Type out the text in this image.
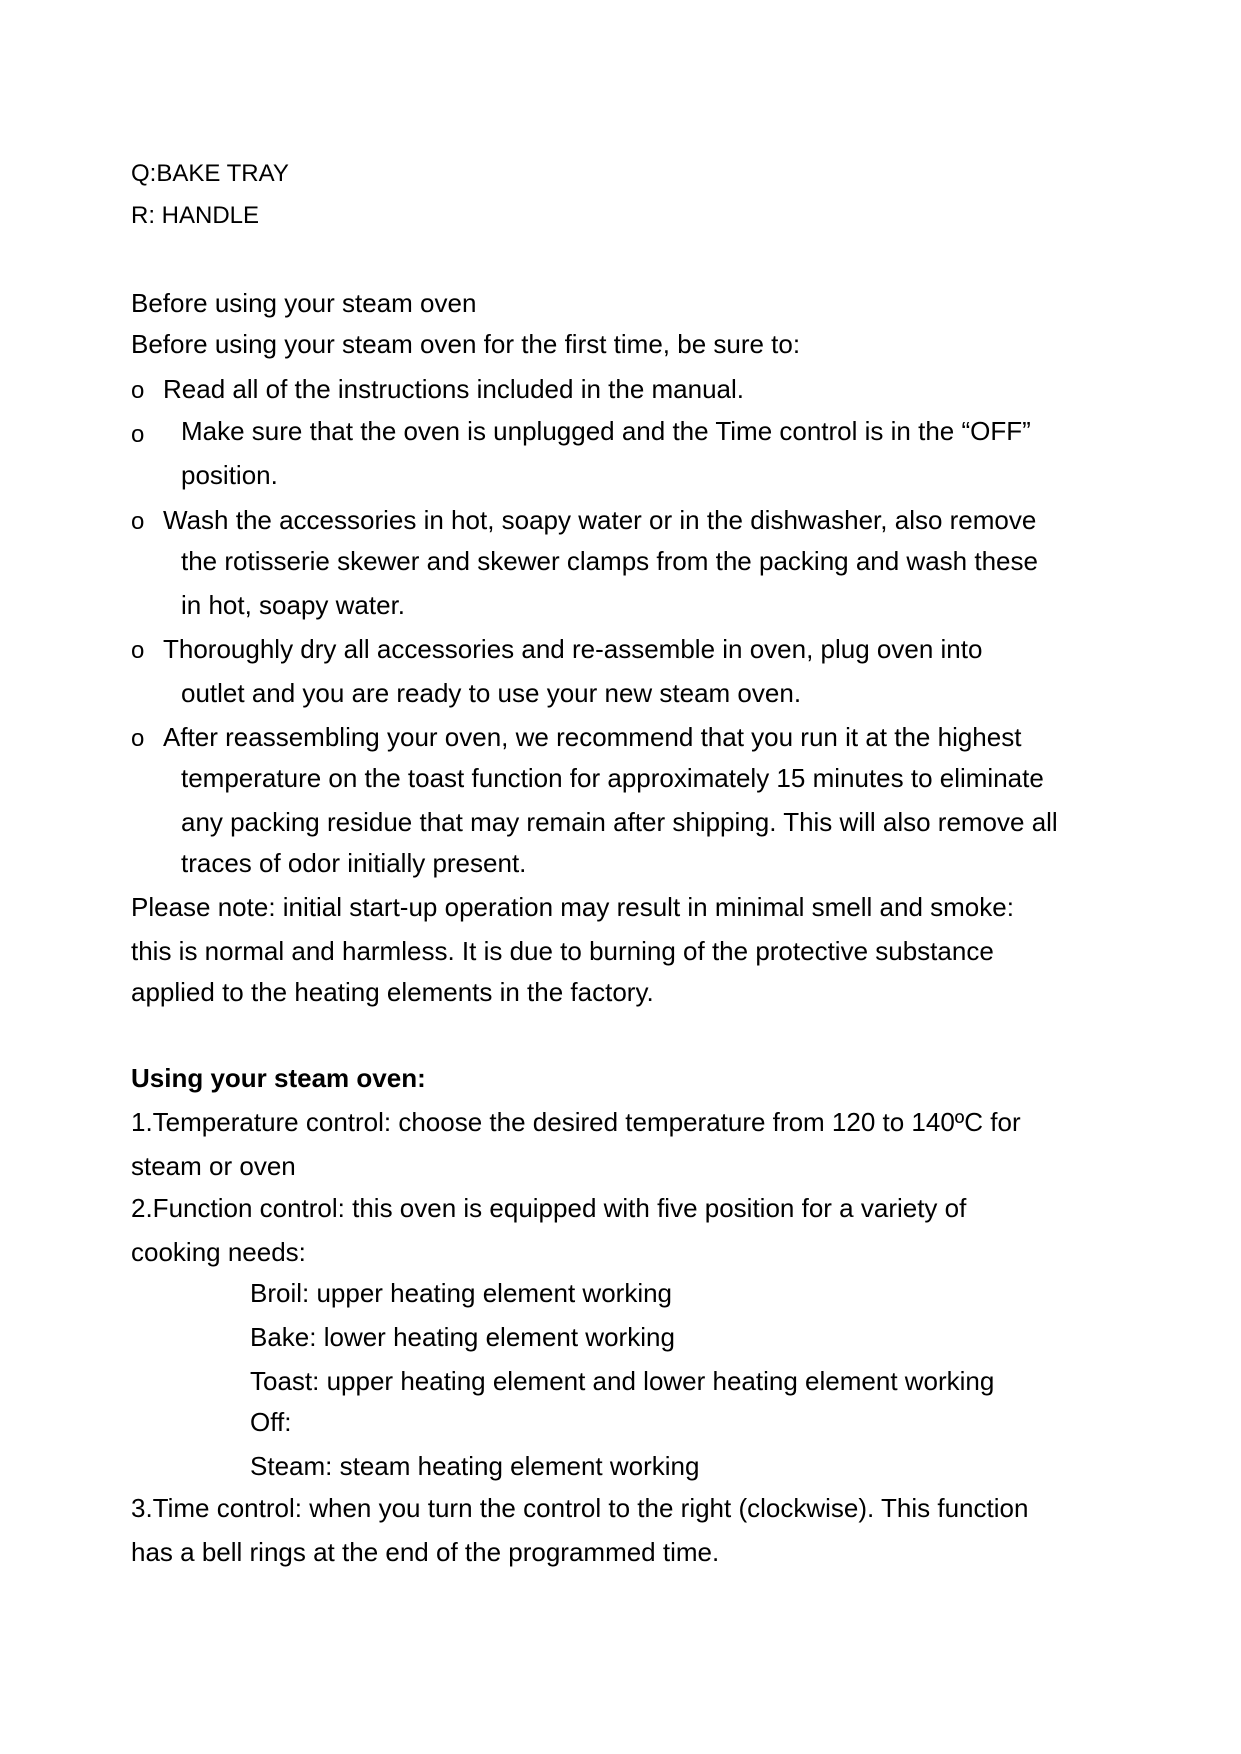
Q:BAKE TRAY
R: HANDLE
Before using your steam oven
Before using your steam oven for the first time, be sure to:
o Read all of the instructions included in the manual.
o Make sure that the oven is unplugged and the Time control is in the “OFF”
position.
o Wash the accessories in hot, soapy water or in the dishwasher, also remove
the rotisserie skewer and skewer clamps from the packing and wash these
in hot, soapy water.
o Thoroughly dry all accessories and re-assemble in oven, plug oven into
outlet and you are ready to use your new steam oven.
o After reassembling your oven, we recommend that you run it at the highest
temperature on the toast function for approximately 15 minutes to eliminate
any packing residue that may remain after shipping. This will also remove all
traces of odor initially present.
Please note: initial start-up operation may result in minimal smell and smoke:
this is normal and harmless. It is due to burning of the protective substance
applied to the heating elements in the factory.
Using your steam oven:
1.Temperature control: choose the desired temperature from 120 to 140ºC for
steam or oven
2.Function control: this oven is equipped with five position for a variety of
cooking needs:
Broil: upper heating element working
Bake: lower heating element working
Toast: upper heating element and lower heating element working
Off:
Steam: steam heating element working
3.Time control: when you turn the control to the right (clockwise). This function
has a bell rings at the end of the programmed time.
